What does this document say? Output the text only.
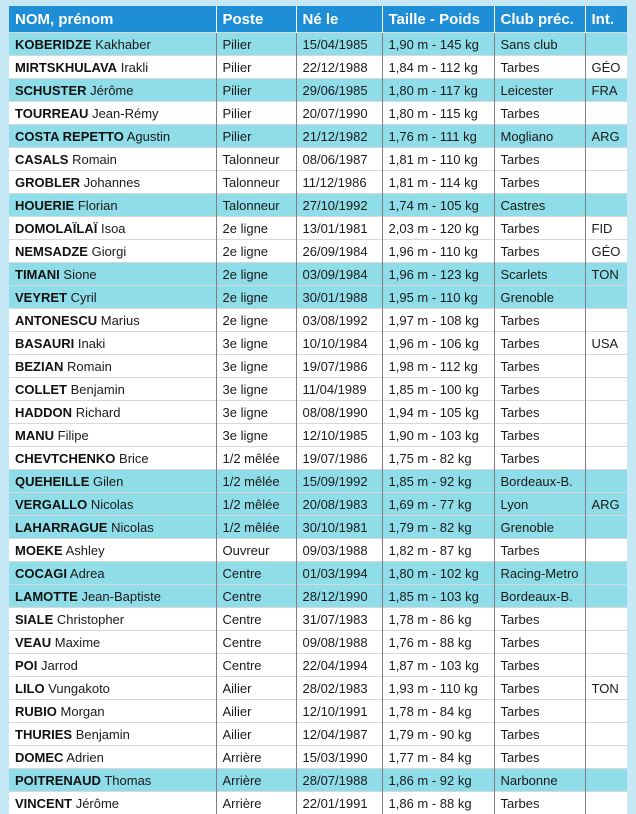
NOM, prénom	Poste	Né le	Taille - Poids	Club préc.	Int.
KOBERIDZE Kakhaber	Pilier	15/04/1985	1,90 m - 145 kg	Sans club	
MIRTSKHULAVA Irakli	Pilier	22/12/1988	1,84 m - 112 kg	Tarbes	GÉO
SCHUSTER Jérôme	Pilier	29/06/1985	1,80 m - 117 kg	Leicester	FRA
TOURREAU Jean-Rémy	Pilier	20/07/1990	1,80 m - 115 kg	Tarbes	
COSTA REPETTO Agustin	Pilier	21/12/1982	1,76 m - 111 kg	Mogliano	ARG
CASALS Romain	Talonneur	08/06/1987	1,81 m - 110 kg	Tarbes	
GROBLER Johannes	Talonneur	11/12/1986	1,81 m - 114 kg	Tarbes	
HOUERIE Florian	Talonneur	27/10/1992	1,74 m - 105 kg	Castres	
DOMOLAÏLAÏ Isoa	2e ligne	13/01/1981	2,03 m - 120 kg	Tarbes	FID
NEMSADZE Giorgi	2e ligne	26/09/1984	1,96 m - 110 kg	Tarbes	GÉO
TIMANI Sione	2e ligne	03/09/1984	1,96 m - 123 kg	Scarlets	TON
VEYRET Cyril	2e ligne	30/01/1988	1,95 m - 110 kg	Grenoble	
ANTONESCU Marius	2e ligne	03/08/1992	1,97 m - 108 kg	Tarbes	
BASAURI Inaki	3e ligne	10/10/1984	1,96 m - 106 kg	Tarbes	USA
BEZIAN Romain	3e ligne	19/07/1986	1,98 m - 112 kg	Tarbes	
COLLET Benjamin	3e ligne	11/04/1989	1,85 m - 100 kg	Tarbes	
HADDON Richard	3e ligne	08/08/1990	1,94 m - 105 kg	Tarbes	
MANU Filipe	3e ligne	12/10/1985	1,90 m - 103 kg	Tarbes	
CHEVTCHENKO Brice	1/2 mêlée	19/07/1986	1,75 m - 82 kg	Tarbes	
QUEHEILLE Gilen	1/2 mêlée	15/09/1992	1,85 m - 92 kg	Bordeaux-B.	
VERGALLO Nicolas	1/2 mêlée	20/08/1983	1,69 m - 77 kg	Lyon	ARG
LAHARRAGUE Nicolas	1/2 mêlée	30/10/1981	1,79 m - 82 kg	Grenoble	
MOEKE Ashley	Ouvreur	09/03/1988	1,82 m - 87 kg	Tarbes	
COCAGI Adrea	Centre	01/03/1994	1,80 m - 102 kg	Racing-Metro	
LAMOTTE Jean-Baptiste	Centre	28/12/1990	1,85 m - 103 kg	Bordeaux-B.	
SIALE Christopher	Centre	31/07/1983	1,78 m - 86 kg	Tarbes	
VEAU Maxime	Centre	09/08/1988	1,76 m - 88 kg	Tarbes	
POI Jarrod	Centre	22/04/1994	1,87 m - 103 kg	Tarbes	
LILO Vungakoto	Ailier	28/02/1983	1,93 m - 110 kg	Tarbes	TON
RUBIO Morgan	Ailier	12/10/1991	1,78 m - 84 kg	Tarbes	
THURIES Benjamin	Ailier	12/04/1987	1,79 m - 90 kg	Tarbes	
DOMEC Adrien	Arrière	15/03/1990	1,77 m - 84 kg	Tarbes	
POITRENAUD Thomas	Arrière	28/07/1988	1,86 m - 92 kg	Narbonne	
VINCENT Jérôme	Arrière	22/01/1991	1,86 m - 88 kg	Tarbes	
